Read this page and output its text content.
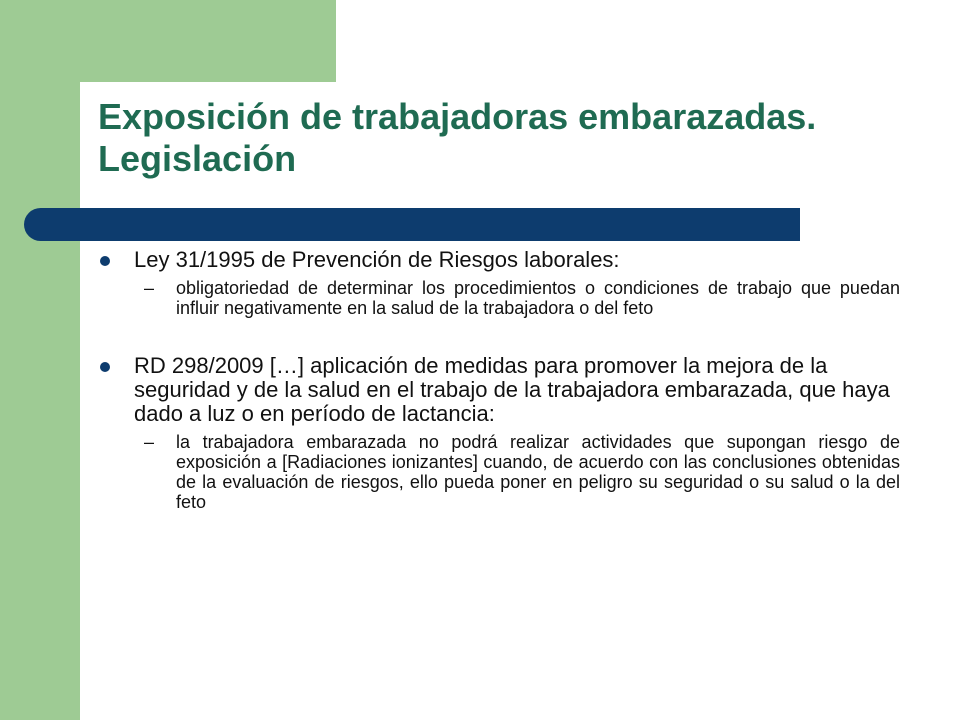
Exposición de trabajadoras embarazadas. Legislación
Ley 31/1995 de Prevención de Riesgos laborales:
– obligatoriedad de determinar los procedimientos o condiciones de trabajo que puedan influir negativamente en la salud de la trabajadora o del feto
RD 298/2009 […] aplicación de medidas para promover la mejora de la seguridad y de la salud en el trabajo de la trabajadora embarazada, que haya dado a luz o en período de lactancia:
– la trabajadora embarazada no podrá realizar actividades que supongan riesgo de exposición a [Radiaciones ionizantes] cuando, de acuerdo con las conclusiones obtenidas de la evaluación de riesgos, ello pueda poner en peligro su seguridad o su salud o la del feto
